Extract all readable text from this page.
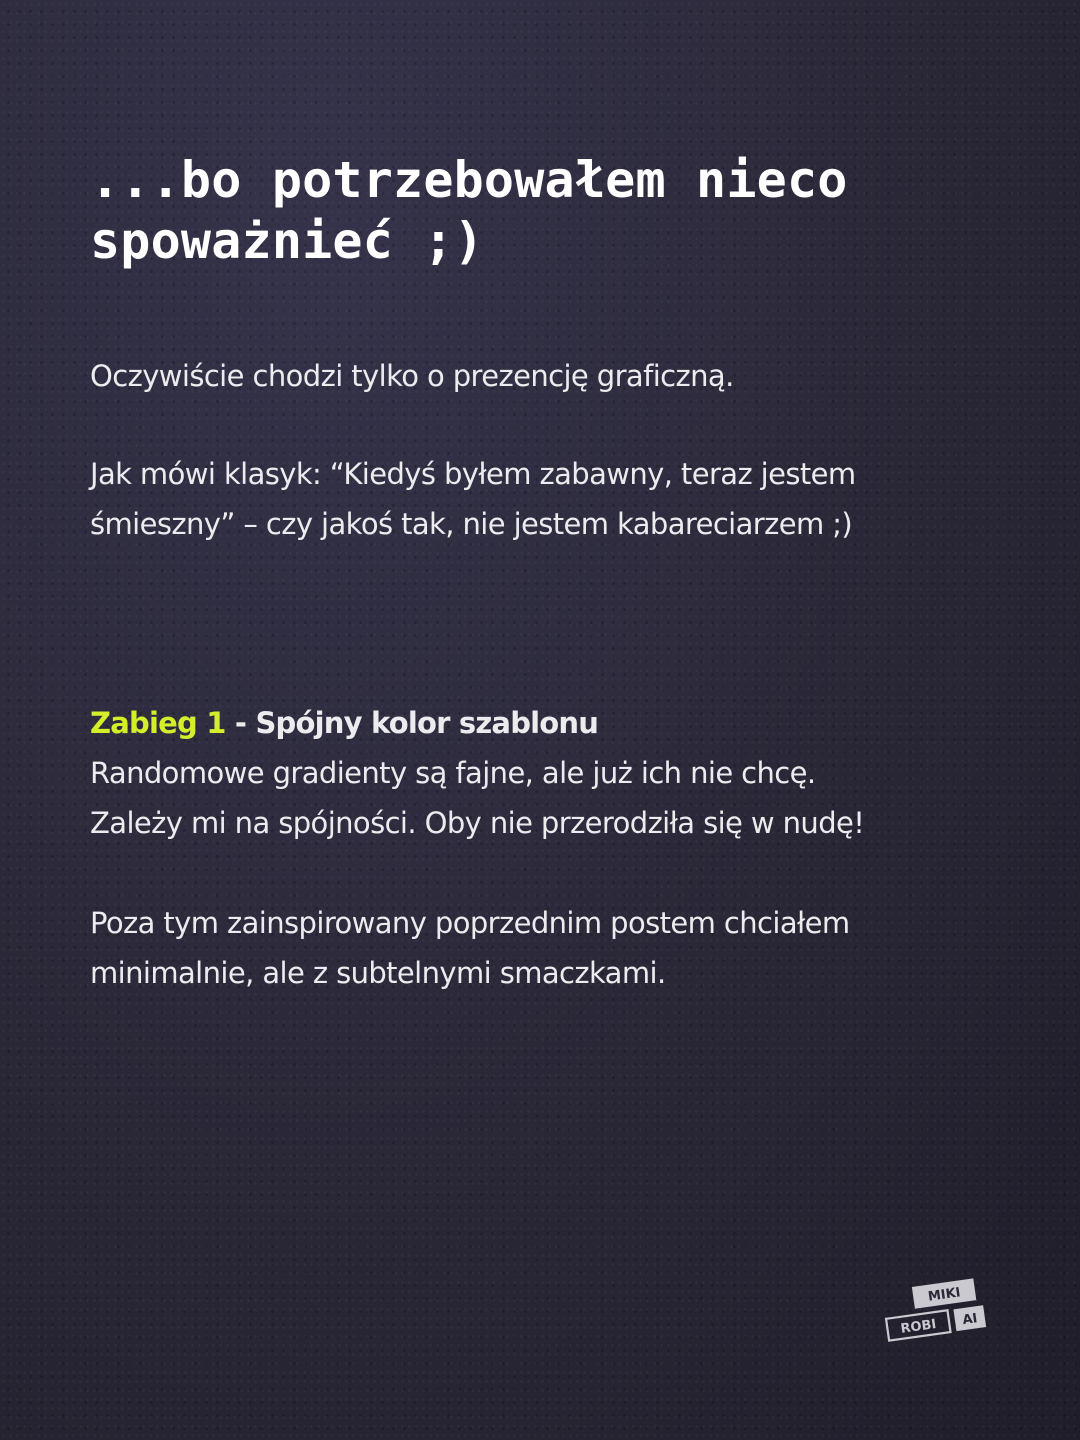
...bo potrzebowałem nieco
spoważnieć ;)

Oczywiście chodzi tylko o prezencję graficzną.

Jak mówi klasyk: “Kiedyś byłem zabawny, teraz jestem
śmieszny” – czy jakoś tak, nie jestem kabareciarzem ;)

Zabieg 1 - Spójny kolor szablonu
Randomowe gradienty są fajne, ale już ich nie chcę.
Zależy mi na spójności. Oby nie przerodziła się w nudę!

Poza tym zainspirowany poprzednim postem chciałem
minimalnie, ale z subtelnymi smaczkami.

MIKI
ROBI AI
